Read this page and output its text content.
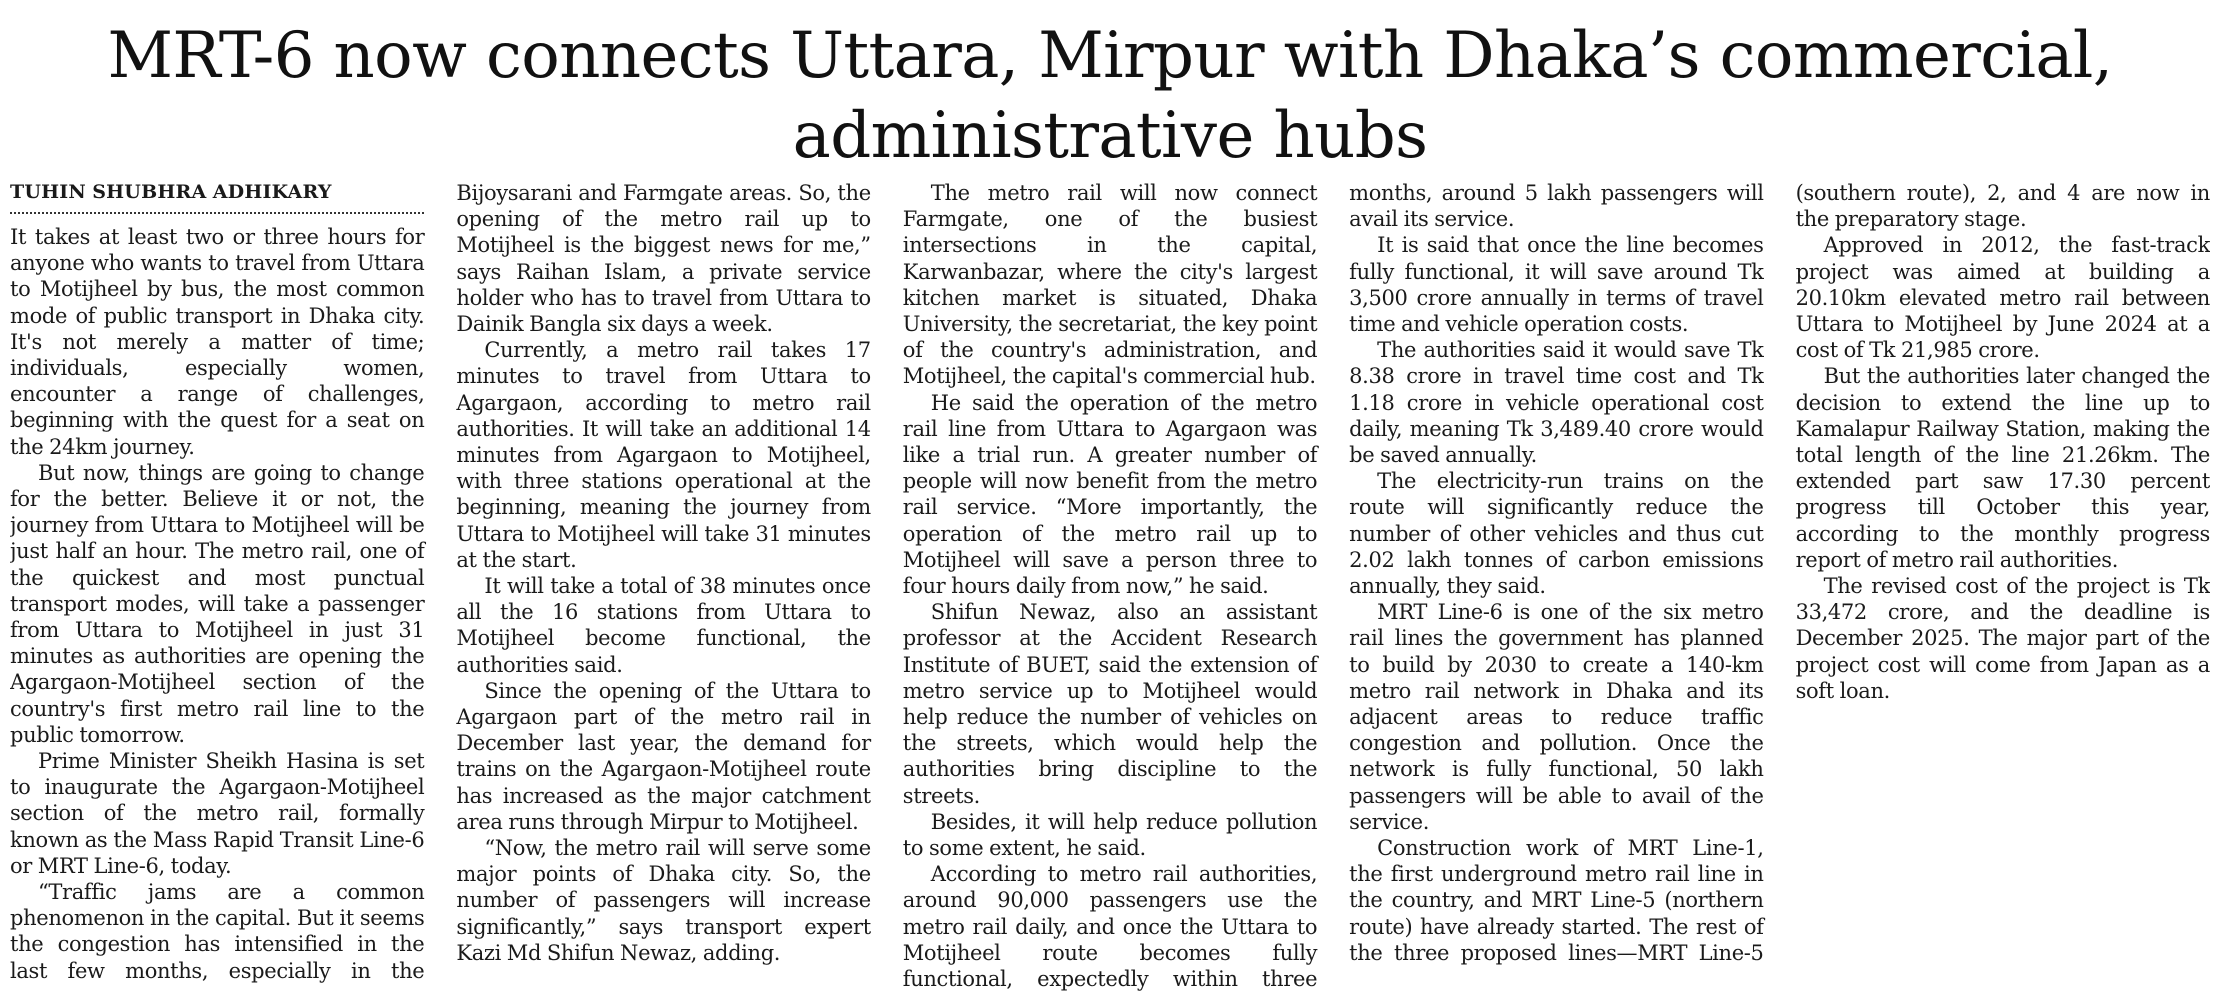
MRT-6 now connects Uttara, Mirpur with Dhaka’s commercial, administrative hubs
TUHIN SHUBHRA ADHIKARY

It takes at least two or three hours for anyone who wants to travel from Uttara to Motijheel by bus, the most common mode of public transport in Dhaka city. It's not merely a matter of time; individuals, especially women, encounter a range of challenges, beginning with the quest for a seat on the 24km journey.

But now, things are going to change for the better. Believe it or not, the journey from Uttara to Motijheel will be just half an hour. The metro rail, one of the quickest and most punctual transport modes, will take a passenger from Uttara to Motijheel in just 31 minutes as authorities are opening the Agargaon-Motijheel section of the country's first metro rail line to the public tomorrow.

Prime Minister Sheikh Hasina is set to inaugurate the Agargaon-Motijheel section of the metro rail, formally known as the Mass Rapid Transit Line-6 or MRT Line-6, today.

“Traffic jams are a common phenomenon in the capital. But it seems the congestion has intensified in the last few months, especially in the Bijoysarani and Farmgate areas. So, the opening of the metro rail up to Motijheel is the biggest news for me,” says Raihan Islam, a private service holder who has to travel from Uttara to Dainik Bangla six days a week.

Currently, a metro rail takes 17 minutes to travel from Uttara to Agargaon, according to metro rail authorities. It will take an additional 14 minutes from Agargaon to Motijheel, with three stations operational at the beginning, meaning the journey from Uttara to Motijheel will take 31 minutes at the start.

It will take a total of 38 minutes once all the 16 stations from Uttara to Motijheel become functional, the authorities said.

Since the opening of the Uttara to Agargaon part of the metro rail in December last year, the demand for trains on the Agargaon-Motijheel route has increased as the major catchment area runs through Mirpur to Motijheel.

“Now, the metro rail will serve some major points of Dhaka city. So, the number of passengers will increase significantly,” says transport expert Kazi Md Shifun Newaz, adding.

The metro rail will now connect Farmgate, one of the busiest intersections in the capital, Karwanbazar, where the city's largest kitchen market is situated, Dhaka University, the secretariat, the key point of the country's administration, and Motijheel, the capital's commercial hub.

He said the operation of the metro rail line from Uttara to Agargaon was like a trial run. A greater number of people will now benefit from the metro rail service. “More importantly, the operation of the metro rail up to Motijheel will save a person three to four hours daily from now,” he said.

Shifun Newaz, also an assistant professor at the Accident Research Institute of BUET, said the extension of metro service up to Motijheel would help reduce the number of vehicles on the streets, which would help the authorities bring discipline to the streets.

Besides, it will help reduce pollution to some extent, he said.

According to metro rail authorities, around 90,000 passengers use the metro rail daily, and once the Uttara to Motijheel route becomes fully functional, expectedly within three months, around 5 lakh passengers will avail its service.

It is said that once the line becomes fully functional, it will save around Tk 3,500 crore annually in terms of travel time and vehicle operation costs.

The authorities said it would save Tk 8.38 crore in travel time cost and Tk 1.18 crore in vehicle operational cost daily, meaning Tk 3,489.40 crore would be saved annually.

The electricity-run trains on the route will significantly reduce the number of other vehicles and thus cut 2.02 lakh tonnes of carbon emissions annually, they said.

MRT Line-6 is one of the six metro rail lines the government has planned to build by 2030 to create a 140-km metro rail network in Dhaka and its adjacent areas to reduce traffic congestion and pollution. Once the network is fully functional, 50 lakh passengers will be able to avail of the service.

Construction work of MRT Line-1, the first underground metro rail line in the country, and MRT Line-5 (northern route) have already started. The rest of the three proposed lines—MRT Line-5 (southern route), 2, and 4 are now in the preparatory stage.

Approved in 2012, the fast-track project was aimed at building a 20.10km elevated metro rail between Uttara to Motijheel by June 2024 at a cost of Tk 21,985 crore.

But the authorities later changed the decision to extend the line up to Kamalapur Railway Station, making the total length of the line 21.26km. The extended part saw 17.30 percent progress till October this year, according to the monthly progress report of metro rail authorities.

The revised cost of the project is Tk 33,472 crore, and the deadline is December 2025. The major part of the project cost will come from Japan as a soft loan.
